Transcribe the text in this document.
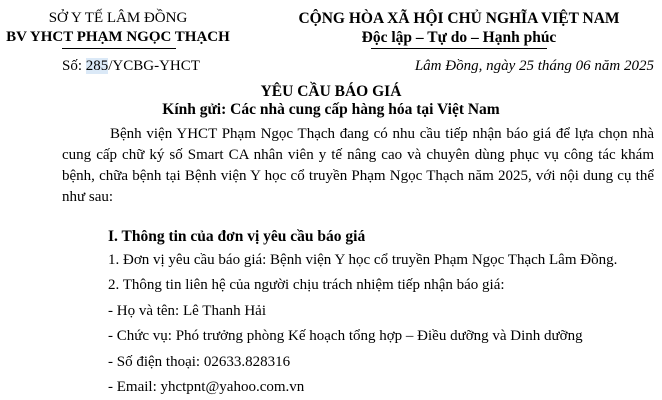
SỞ Y TẾ LÂM ĐỒNG
BV YHCT PHẠM NGỌC THẠCH
Số: 285/YCBG-YHCT
CỘNG HÒA XÃ HỘI CHỦ NGHĨA VIỆT NAM
Độc lập – Tự do – Hạnh phúc
Lâm Đồng, ngày 25 tháng 06 năm 2025
YÊU CẦU BÁO GIÁ
Kính gửi: Các nhà cung cấp hàng hóa tại Việt Nam
Bệnh viện YHCT Phạm Ngọc Thạch đang có nhu cầu tiếp nhận báo giá để lựa chọn nhà cung cấp chữ ký số Smart CA nhân viên y tế nâng cao và chuyên dùng phục vụ công tác khám bệnh, chữa bệnh tại Bệnh viện Y học cổ truyền Phạm Ngọc Thạch năm 2025, với nội dung cụ thể như sau:
I. Thông tin của đơn vị yêu cầu báo giá
1. Đơn vị yêu cầu báo giá: Bệnh viện Y học cổ truyền Phạm Ngọc Thạch Lâm Đồng.
2. Thông tin liên hệ của người chịu trách nhiệm tiếp nhận báo giá:
- Họ và tên: Lê Thanh Hải
- Chức vụ: Phó trưởng phòng Kế hoạch tổng hợp – Điều dưỡng và Dinh dưỡng
- Số điện thoại: 02633.828316
- Email: yhctpnt@yahoo.com.vn
